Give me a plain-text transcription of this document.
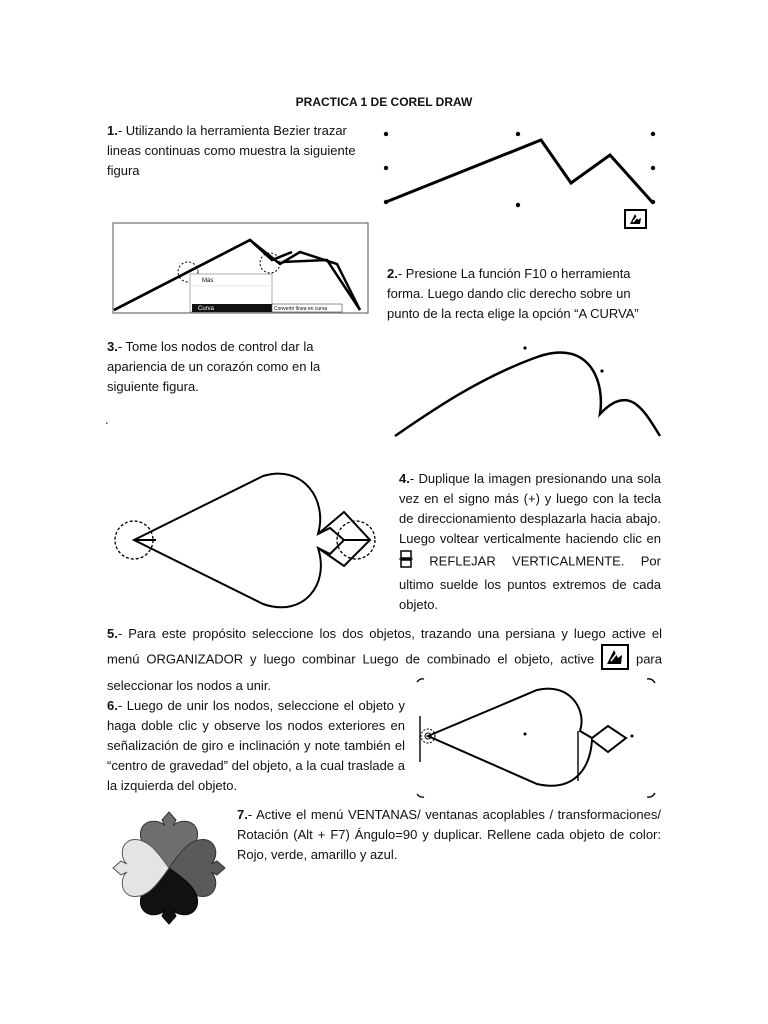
PRACTICA 1 DE COREL DRAW

1.- Utilizando la herramienta Bezier trazar lineas continuas como muestra la siguiente figura

Más
Curva	Convertir línea en curva

2.- Presione La función F10 o herramienta forma. Luego dando clic derecho sobre un punto de la recta elige la opción “A CURVA”

3.- Tome los nodos de control dar la apariencia de un corazón como en la siguiente figura.

.

4.- Duplique la imagen presionando una sola vez en el signo más (+) y luego con la tecla de direccionamiento desplazarla hacia abajo. Luego voltear verticalmente haciendo clic en  REFLEJAR VERTICALMENTE. Por ultimo suelde los puntos extremos de cada objeto.

5.- Para este propósito seleccione los dos objetos, trazando una persiana y luego active el menú ORGANIZADOR y luego combinar Luego de combinado el objeto, active	para seleccionar los nodos a unir.

6.- Luego de unir los nodos, seleccione el objeto y haga doble clic y observe los nodos exteriores en señalización de giro e inclinación y note también el “centro de gravedad” del objeto, a la cual traslade a la izquierda del objeto.

7.- Active el menú VENTANAS/ ventanas acoplables / transformaciones/ Rotación (Alt + F7) Ángulo=90 y duplicar. Rellene cada objeto de color: Rojo, verde, amarillo y azul.
